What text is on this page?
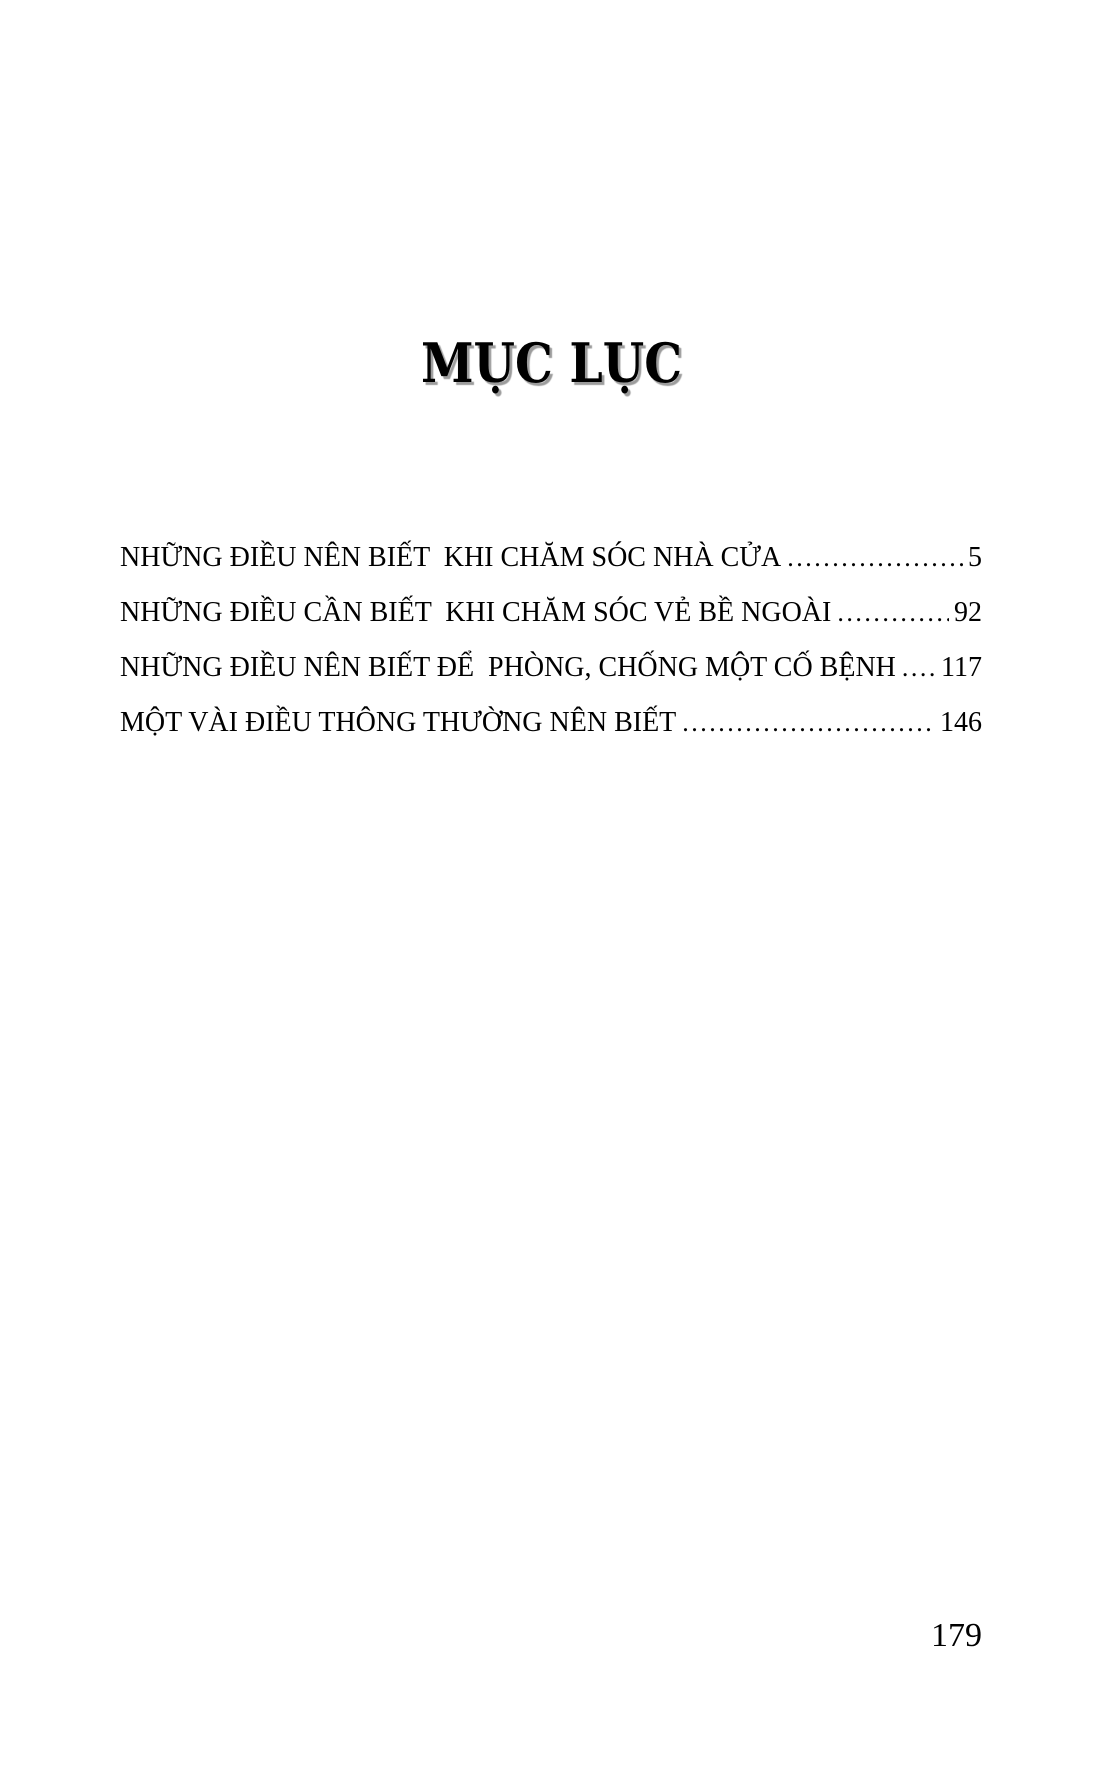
MỤC LỤC
NHỮNG ĐIỀU NÊN BIẾT  KHI CHĂM SÓC NHÀ CỬA .....	5
NHỮNG ĐIỀU CẦN BIẾT  KHI CHĂM SÓC VẺ BỀ NGOÀI .....	92
NHỮNG ĐIỀU NÊN BIẾT ĐỂ  PHÒNG, CHỐNG MỘT CỐ BỆNH ..... 117
MỘT VÀI ĐIỀU THÔNG THƯỜNG NÊN BIẾT .....	146
179
